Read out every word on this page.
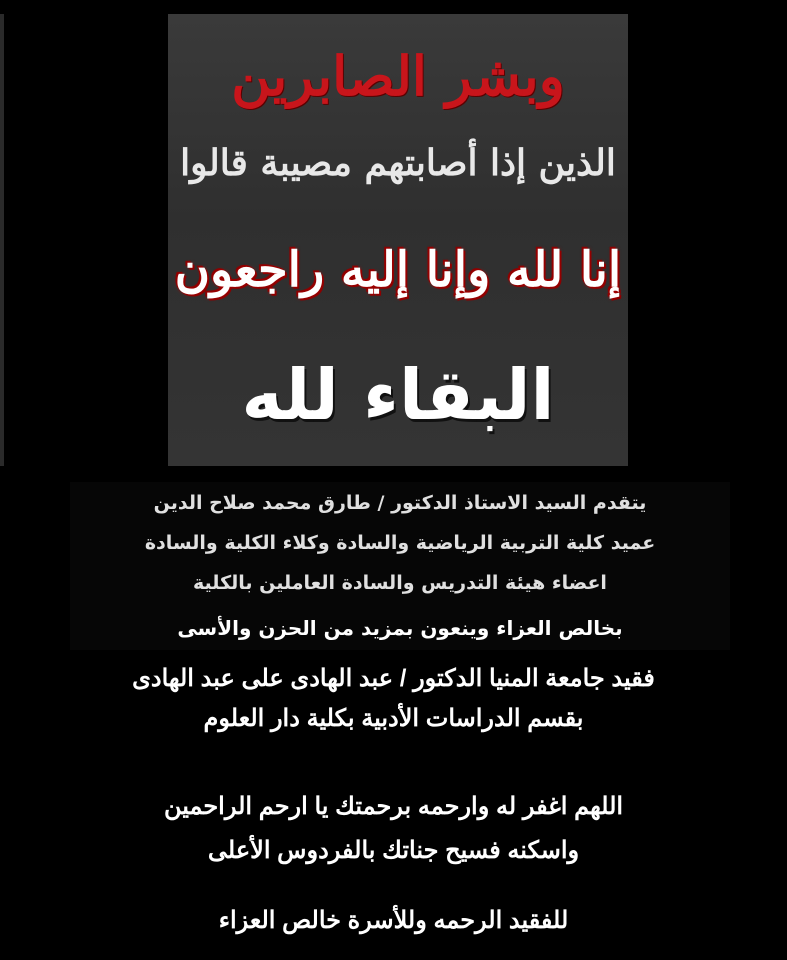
وبشر الصابرين
الذين إذا أصابتهم مصيبة قالوا
إنا لله وإنا إليه راجعون
البقاء لله
يتقدم السيد الاستاذ الدكتور / طارق محمد صلاح الدين
عميد كلية التربية الرياضية والسادة وكلاء الكلية والسادة
اعضاء هيئة التدريس والسادة العاملين بالكلية
بخالص العزاء وينعون بمزيد من الحزن والأسى
فقيد جامعة المنيا الدكتور / عبد الهادى على عبد الهادى
بقسم الدراسات الأدبية بكلية دار العلوم
اللهم اغفر له وارحمه برحمتك يا ارحم الراحمين
واسكنه فسيح جناتك بالفردوس الأعلى
للفقيد الرحمه وللأسرة خالص العزاء
